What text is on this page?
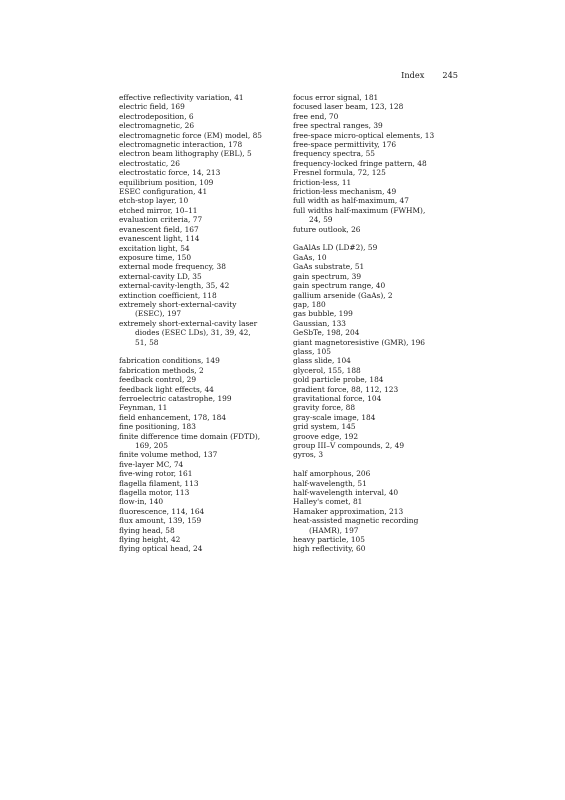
Index 245
effective reflectivity variation, 41
electric field, 169
electrodeposition, 6
electromagnetic, 26
electromagnetic force (EM) model, 85
electromagnetic interaction, 178
electron beam lithography (EBL), 5
electrostatic, 26
electrostatic force, 14, 213
equilibrium position, 109
ESEC configuration, 41
etch-stop layer, 10
etched mirror, 10–11
evaluation criteria, 77
evanescent field, 167
evanescent light, 114
excitation light, 54
exposure time, 150
external mode frequency, 38
external-cavity LD, 35
external-cavity-length, 35, 42
extinction coefficient, 118
extremely short-external-cavity
(ESEC), 197
extremely short-external-cavity laser
diodes (ESEC LDs), 31, 39, 42,
51, 58
fabrication conditions, 149
fabrication methods, 2
feedback control, 29
feedback light effects, 44
ferroelectric catastrophe, 199
Feynman, 11
field enhancement, 178, 184
fine positioning, 183
finite difference time domain (FDTD),
169, 205
finite volume method, 137
five-layer MC, 74
five-wing rotor, 161
flagella filament, 113
flagella motor, 113
flow-in, 140
fluorescence, 114, 164
flux amount, 139, 159
flying head, 58
flying height, 42
flying optical head, 24
focus error signal, 181
focused laser beam, 123, 128
free end, 70
free spectral ranges, 39
free-space micro-optical elements, 13
free-space permittivity, 176
frequency spectra, 55
frequency-locked fringe pattern, 48
Fresnel formula, 72, 125
friction-less, 11
friction-less mechanism, 49
full width as half-maximum, 47
full widths half-maximum (FWHM),
24, 59
future outlook, 26
GaAlAs LD (LD#2), 59
GaAs, 10
GaAs substrate, 51
gain spectrum, 39
gain spectrum range, 40
gallium arsenide (GaAs), 2
gap, 180
gas bubble, 199
Gaussian, 133
GeSbTe, 198, 204
giant magnetoresistive (GMR), 196
glass, 105
glass slide, 104
glycerol, 155, 188
gold particle probe, 184
gradient force, 88, 112, 123
gravitational force, 104
gravity force, 88
gray-scale image, 184
grid system, 145
groove edge, 192
group III–V compounds, 2, 49
gyros, 3
half amorphous, 206
half-wavelength, 51
half-wavelength interval, 40
Halley's comet, 81
Hamaker approximation, 213
heat-assisted magnetic recording
(HAMR), 197
heavy particle, 105
high reflectivity, 60
